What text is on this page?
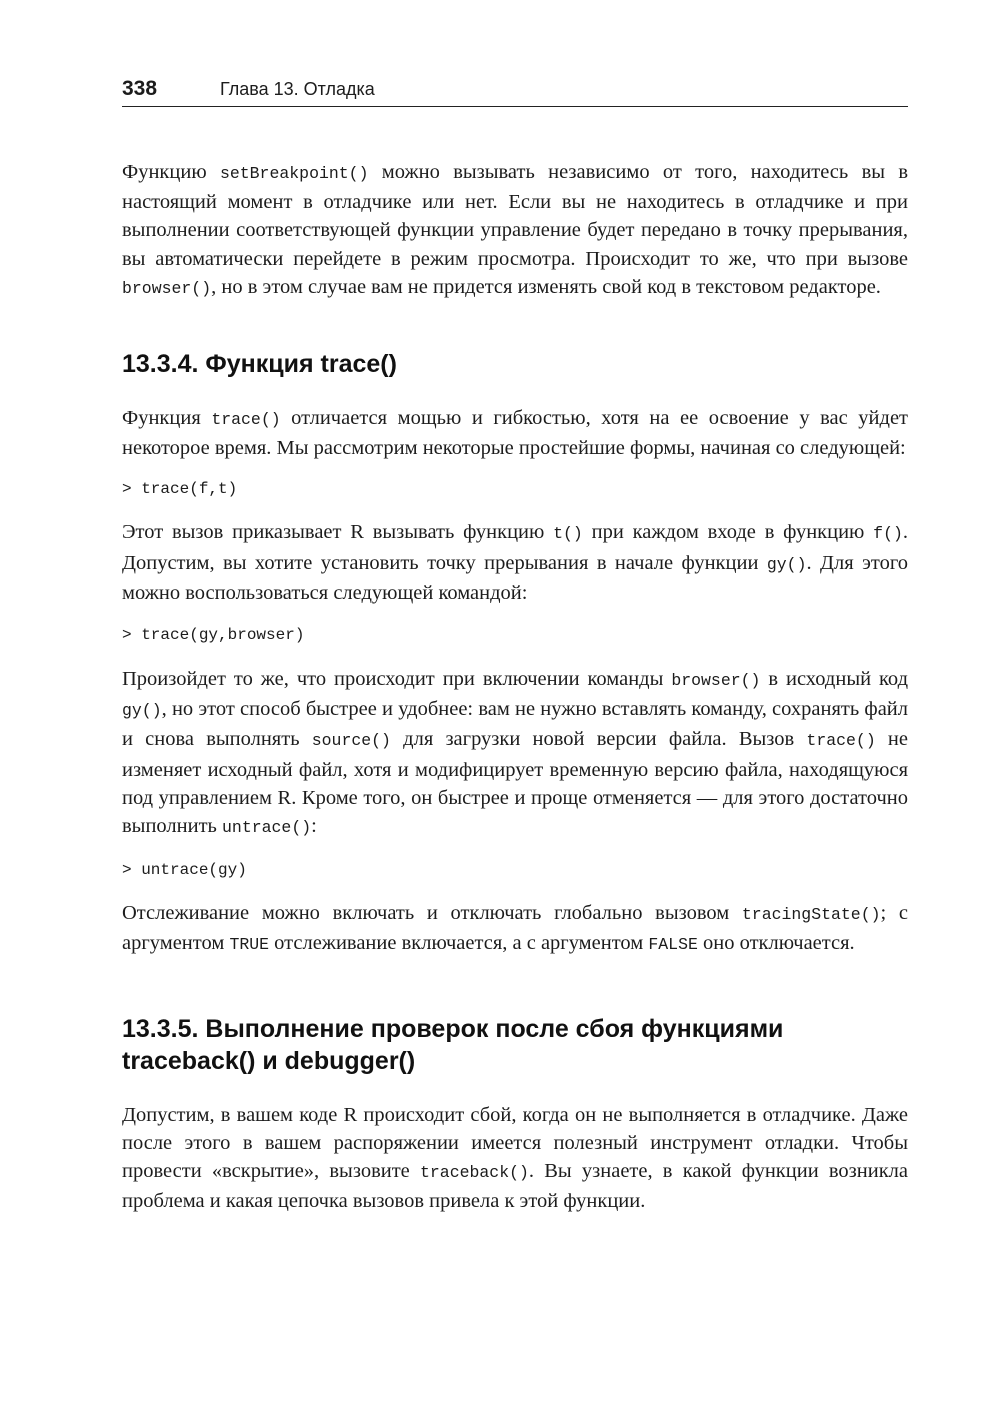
338	Глава 13. Отладка

Функцию setBreakpoint() можно вызывать независимо от того, находитесь вы в настоящий момент в отладчике или нет. Если вы не находитесь в отладчике и при выполнении соответствующей функции управление будет передано в точку прерывания, вы автоматически перейдете в режим просмотра. Происходит то же, что при вызове browser(), но в этом случае вам не придется изменять свой код в текстовом редакторе.

13.3.4. Функция trace()

Функция trace() отличается мощью и гибкостью, хотя на ее освоение у вас уйдет некоторое время. Мы рассмотрим некоторые простейшие формы, начиная со следующей:

> trace(f,t)

Этот вызов приказывает R вызывать функцию t() при каждом входе в функцию f(). Допустим, вы хотите установить точку прерывания в начале функции gy(). Для этого можно воспользоваться следующей командой:

> trace(gy,browser)

Произойдет то же, что происходит при включении команды browser() в исходный код gy(), но этот способ быстрее и удобнее: вам не нужно вставлять команду, сохранять файл и снова выполнять source() для загрузки новой версии файла. Вызов trace() не изменяет исходный файл, хотя и модифицирует временную версию файла, находящуюся под управлением R. Кроме того, он быстрее и проще отменяется — для этого достаточно выполнить untrace():

> untrace(gy)

Отслеживание можно включать и отключать глобально вызовом tracingState(); с аргументом TRUE отслеживание включается, а с аргументом FALSE оно отключается.

13.3.5. Выполнение проверок после сбоя функциями
traceback() и debugger()

Допустим, в вашем коде R происходит сбой, когда он не выполняется в отладчике. Даже после этого в вашем распоряжении имеется полезный инструмент отладки. Чтобы провести «вскрытие», вызовите traceback(). Вы узнаете, в какой функции возникла проблема и какая цепочка вызовов привела к этой функции.
